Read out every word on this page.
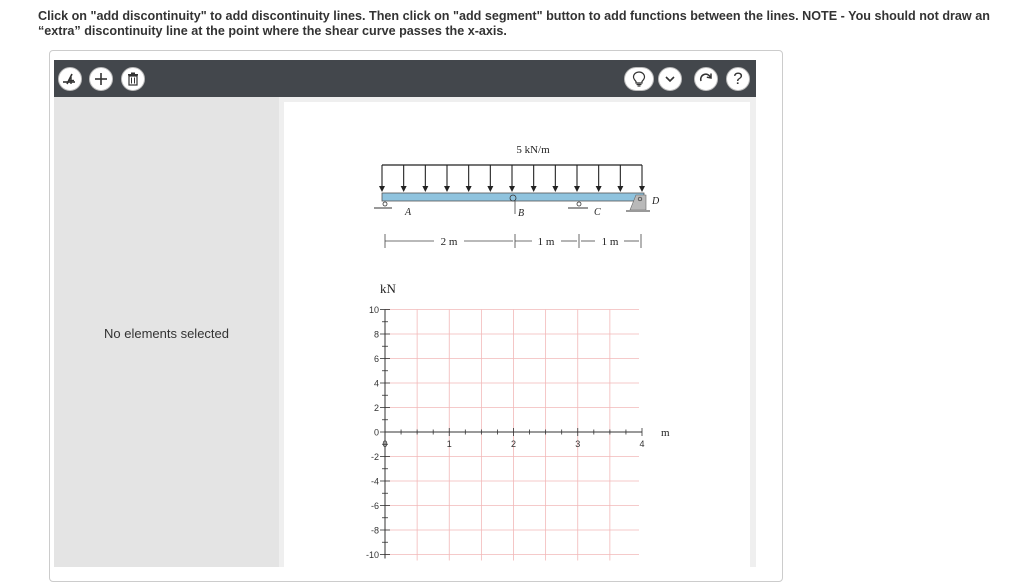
Click on "add discontinuity" to add discontinuity lines. Then click on "add segment" button to add functions between the lines. NOTE - You should not draw an “extra” discontinuity line at the point where the shear curve passes the x-axis.
?
No elements selected
5 kN/m
A	B	C
D
2 m	1 m	1 m
10
8
6
4
2
0
-2
-4
-6
-8
-10
0	1	2	3	4
kN
m
